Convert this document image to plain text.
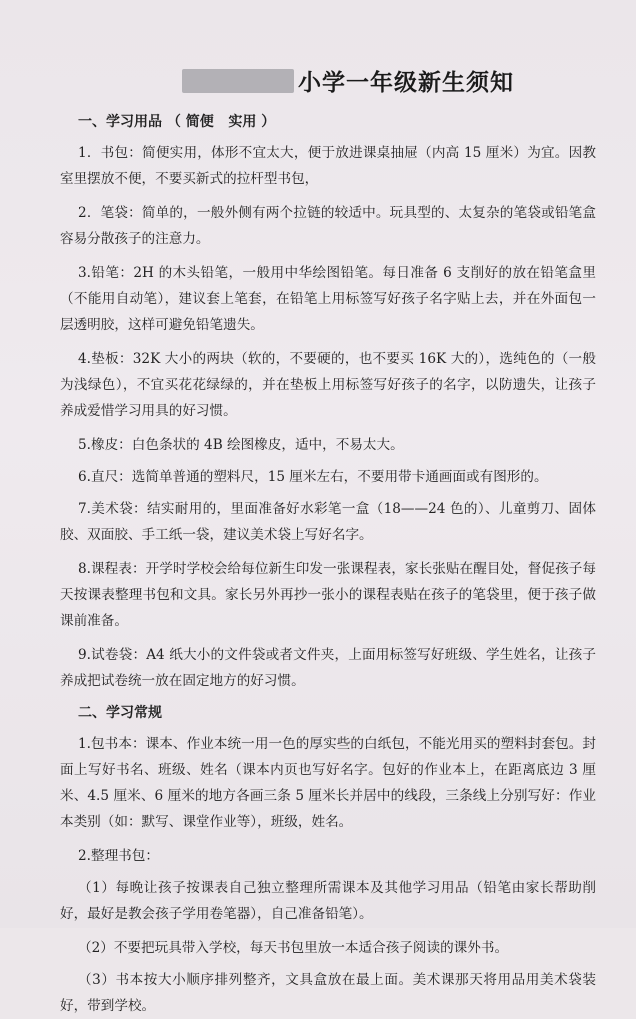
小学一年级新生须知
一、学习用品 （ 简便   实用 ）

1．书包：简便实用，体形不宜太大，便于放进课桌抽屉（内高 15 厘米）为宜。因教室里摆放不便，不要买新式的拉杆型书包，

2．笔袋：简单的，一般外侧有两个拉链的较适中。玩具型的、太复杂的笔袋或铅笔盒容易分散孩子的注意力。

3.铅笔：2H 的木头铅笔，一般用中华绘图铅笔。每日准备 6 支削好的放在铅笔盒里（不能用自动笔），建议套上笔套，在铅笔上用标签写好孩子名字贴上去，并在外面包一层透明胶，这样可避免铅笔遗失。

4.垫板：32K 大小的两块（软的，不要硬的，也不要买 16K 大的），选纯色的（一般为浅绿色），不宜买花花绿绿的，并在垫板上用标签写好孩子的名字，以防遗失，让孩子养成爱惜学习用具的好习惯。

5.橡皮：白色条状的 4B 绘图橡皮，适中，不易太大。

6.直尺：选简单普通的塑料尺，15 厘米左右，不要用带卡通画面或有图形的。

7.美术袋：结实耐用的，里面准备好水彩笔一盒（18——24 色的）、儿童剪刀、固体胶、双面胶、手工纸一袋，建议美术袋上写好名字。

8.课程表：开学时学校会给每位新生印发一张课程表，家长张贴在醒目处，督促孩子每天按课表整理书包和文具。家长另外再抄一张小的课程表贴在孩子的笔袋里，便于孩子做课前准备。

9.试卷袋：A4 纸大小的文件袋或者文件夹，上面用标签写好班级、学生姓名，让孩子养成把试卷统一放在固定地方的好习惯。

二、学习常规

1.包书本：课本、作业本统一用一色的厚实些的白纸包，不能光用买的塑料封套包。封面上写好书名、班级、姓名（课本内页也写好名字。包好的作业本上，在距离底边 3 厘米、4.5 厘米、6 厘米的地方各画三条 5 厘米长并居中的线段，三条线上分别写好：作业本类别（如：默写、课堂作业等），班级，姓名。

2.整理书包：

（1）每晚让孩子按课表自己独立整理所需课本及其他学习用品（铅笔由家长帮助削好，最好是教会孩子学用卷笔器），自己准备铅笔）。

（2）不要把玩具带入学校，每天书包里放一本适合孩子阅读的课外书。

（3）书本按大小顺序排列整齐，文具盒放在最上面。美术课那天将用品用美术袋装好，带到学校。
